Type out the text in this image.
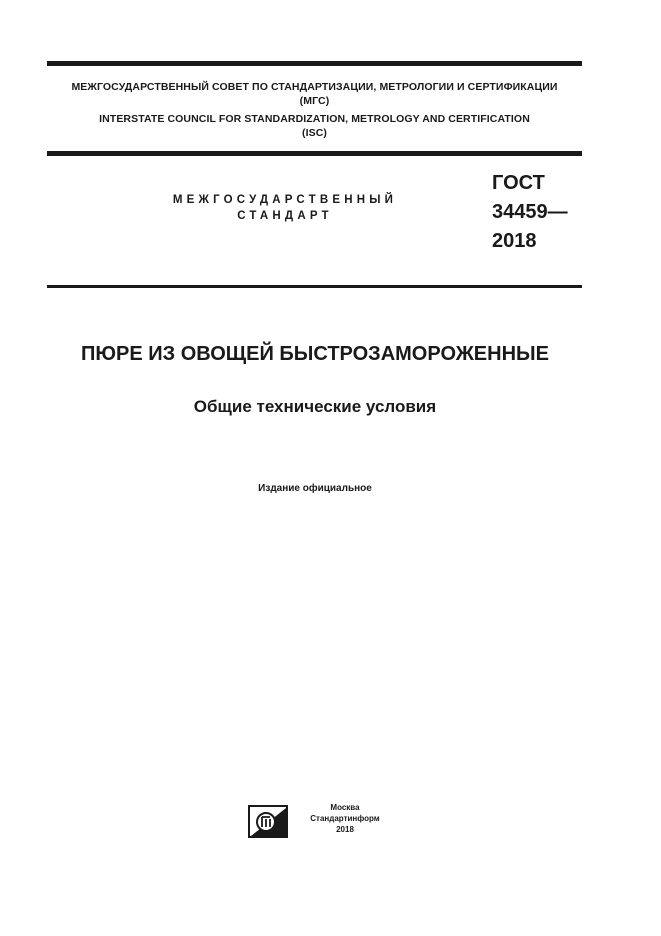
МЕЖГОСУДАРСТВЕННЫЙ СОВЕТ ПО СТАНДАРТИЗАЦИИ, МЕТРОЛОГИИ И СЕРТИФИКАЦИИ
(МГС)
INTERSTATE COUNCIL FOR STANDARDIZATION, METROLOGY AND CERTIFICATION
(ISC)
МЕЖГОСУДАРСТВЕННЫЙ
СТАНДАРТ
ГОСТ
34459—
2018
ПЮРЕ ИЗ ОВОЩЕЙ БЫСТРОЗАМОРОЖЕННЫЕ
Общие технические условия
Издание официальное
Москва
Стандартинформ
2018
